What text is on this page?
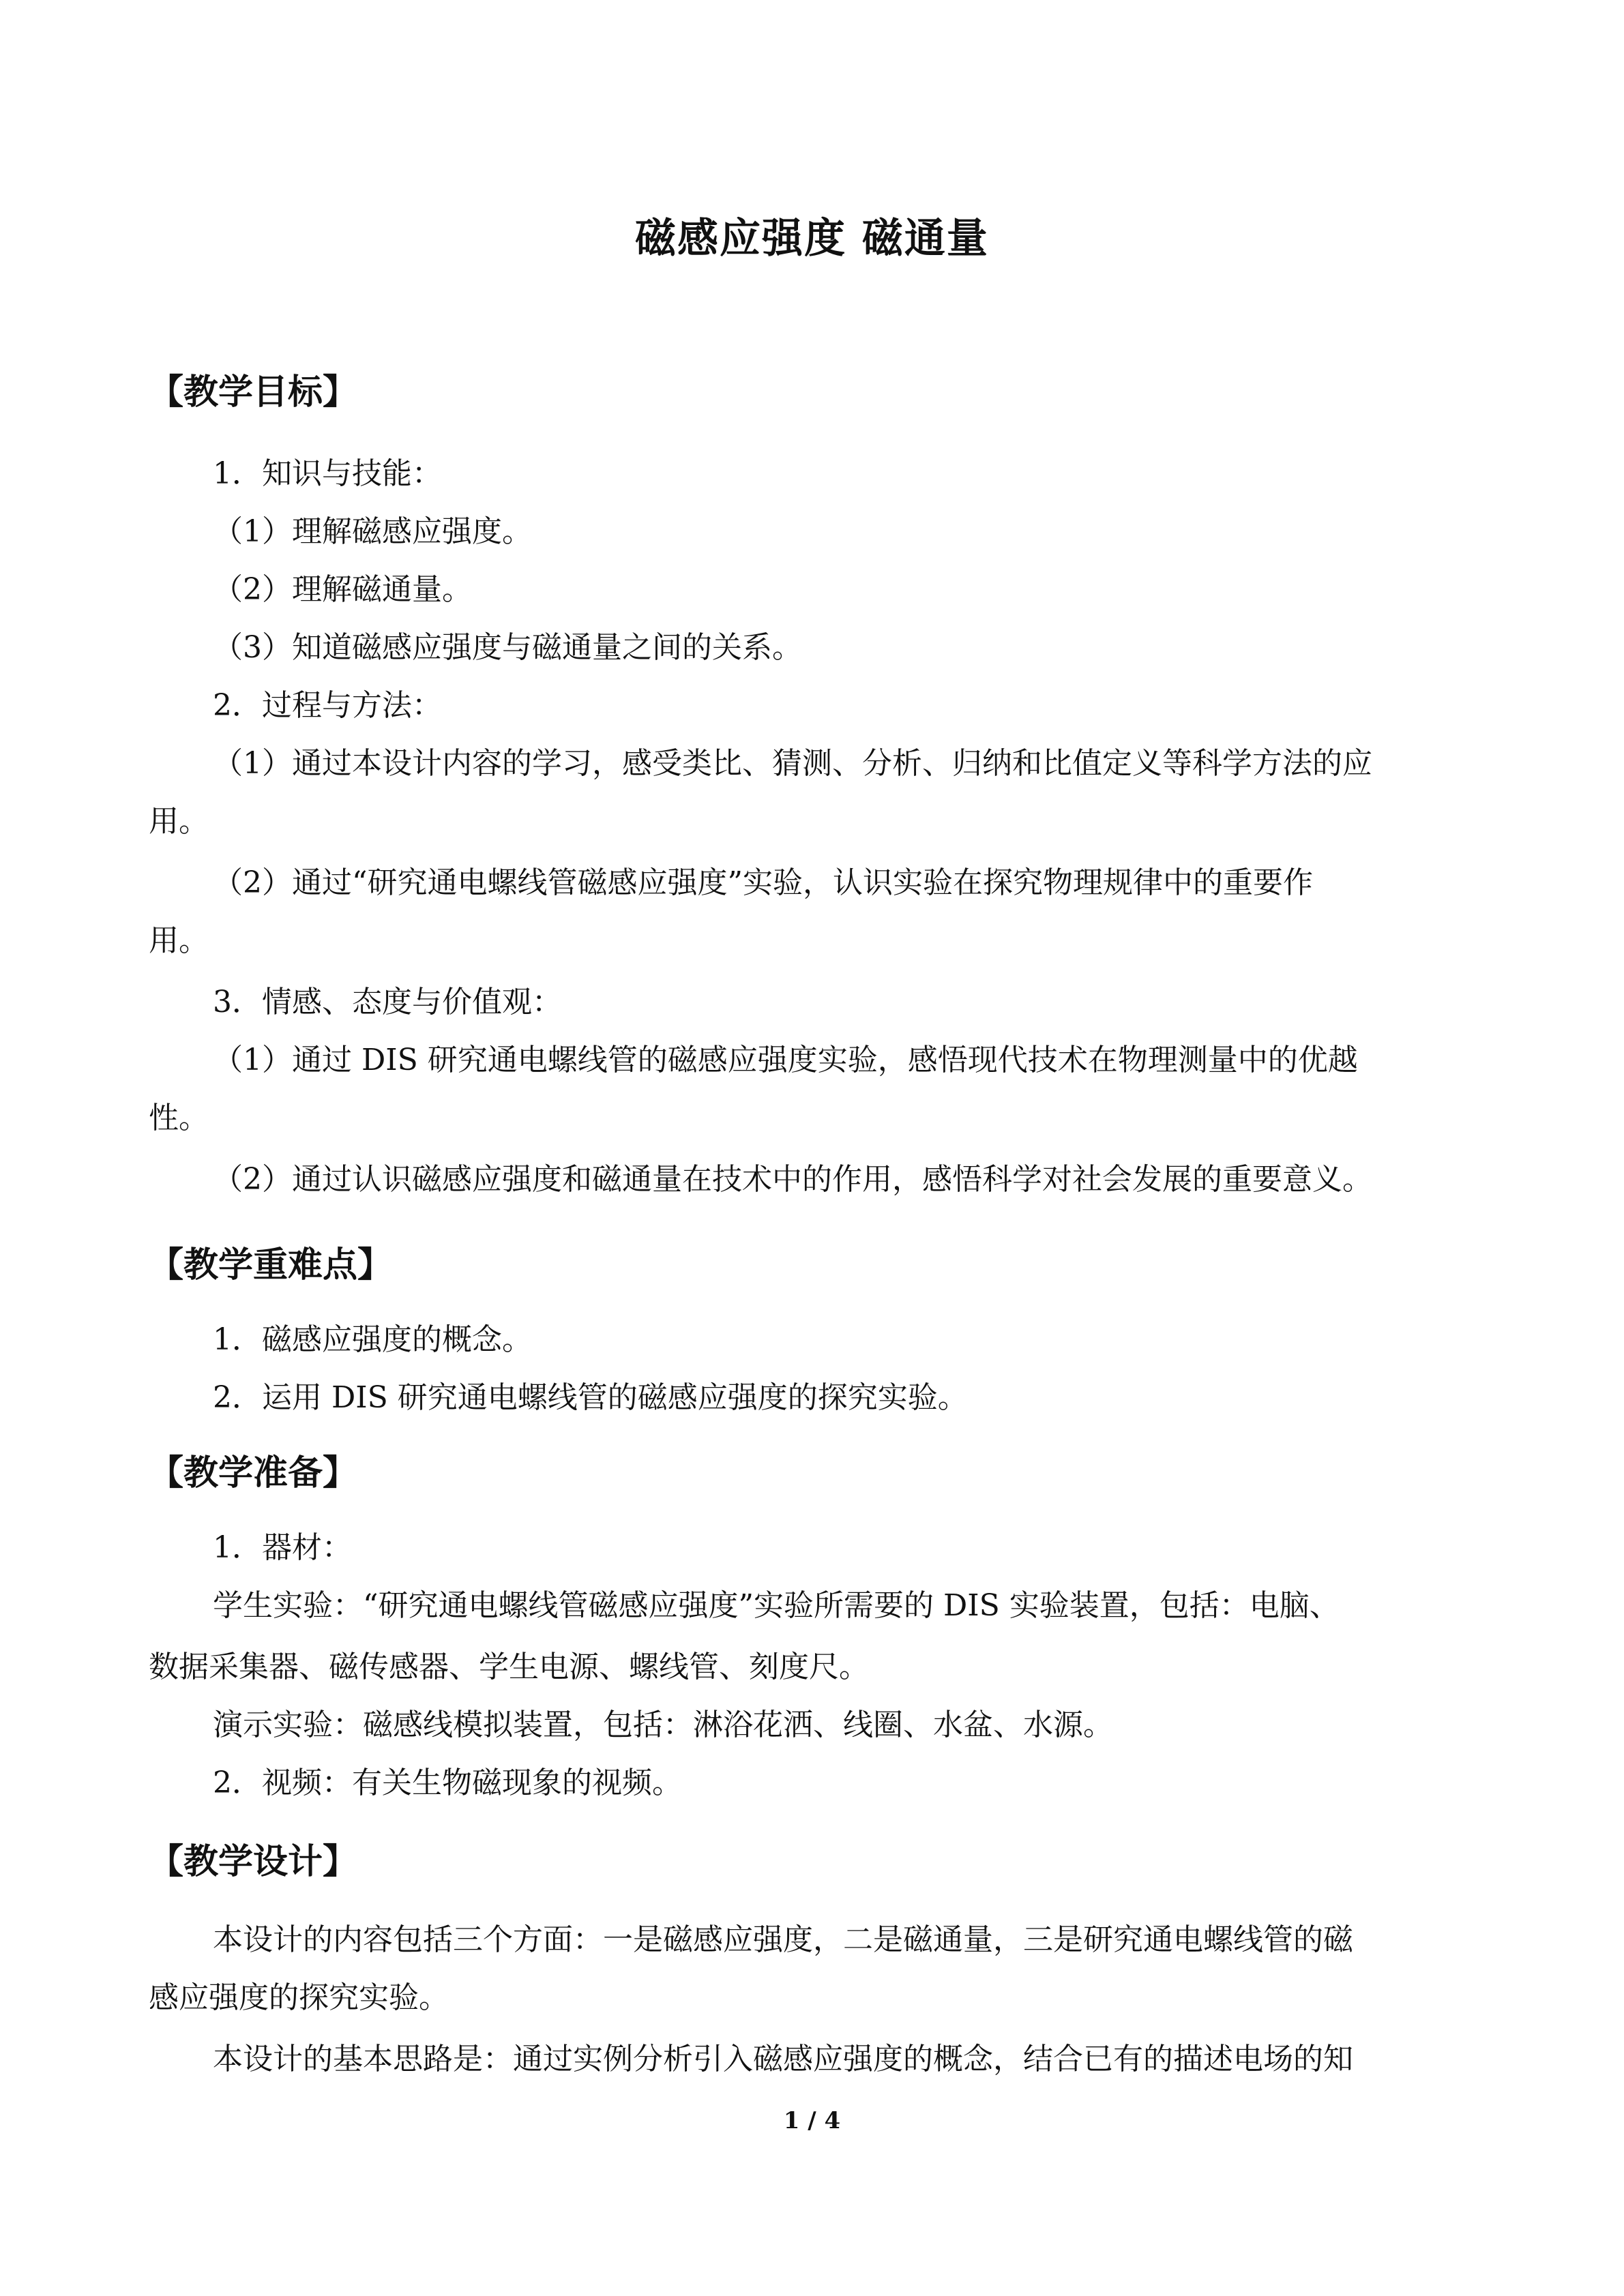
磁感应强度 磁通量
【教学目标】
1．知识与技能：
（1）理解磁感应强度。
（2）理解磁通量。
（3）知道磁感应强度与磁通量之间的关系。
2．过程与方法：
（1）通过本设计内容的学习，感受类比、猜测、分析、归纳和比值定义等科学方法的应
用。
（2）通过“研究通电螺线管磁感应强度”实验，认识实验在探究物理规律中的重要作
用。
3．情感、态度与价值观：
（1）通过 DIS 研究通电螺线管的磁感应强度实验，感悟现代技术在物理测量中的优越
性。
（2）通过认识磁感应强度和磁通量在技术中的作用，感悟科学对社会发展的重要意义。
【教学重难点】
1．磁感应强度的概念。
2．运用 DIS 研究通电螺线管的磁感应强度的探究实验。
【教学准备】
1．器材：
学生实验：“研究通电螺线管磁感应强度”实验所需要的 DIS 实验装置，包括：电脑、
数据采集器、磁传感器、学生电源、螺线管、刻度尺。
演示实验：磁感线模拟装置，包括：淋浴花洒、线圈、水盆、水源。
2．视频：有关生物磁现象的视频。
【教学设计】
本设计的内容包括三个方面：一是磁感应强度，二是磁通量，三是研究通电螺线管的磁
感应强度的探究实验。
本设计的基本思路是：通过实例分析引入磁感应强度的概念，结合已有的描述电场的知
1 / 4
